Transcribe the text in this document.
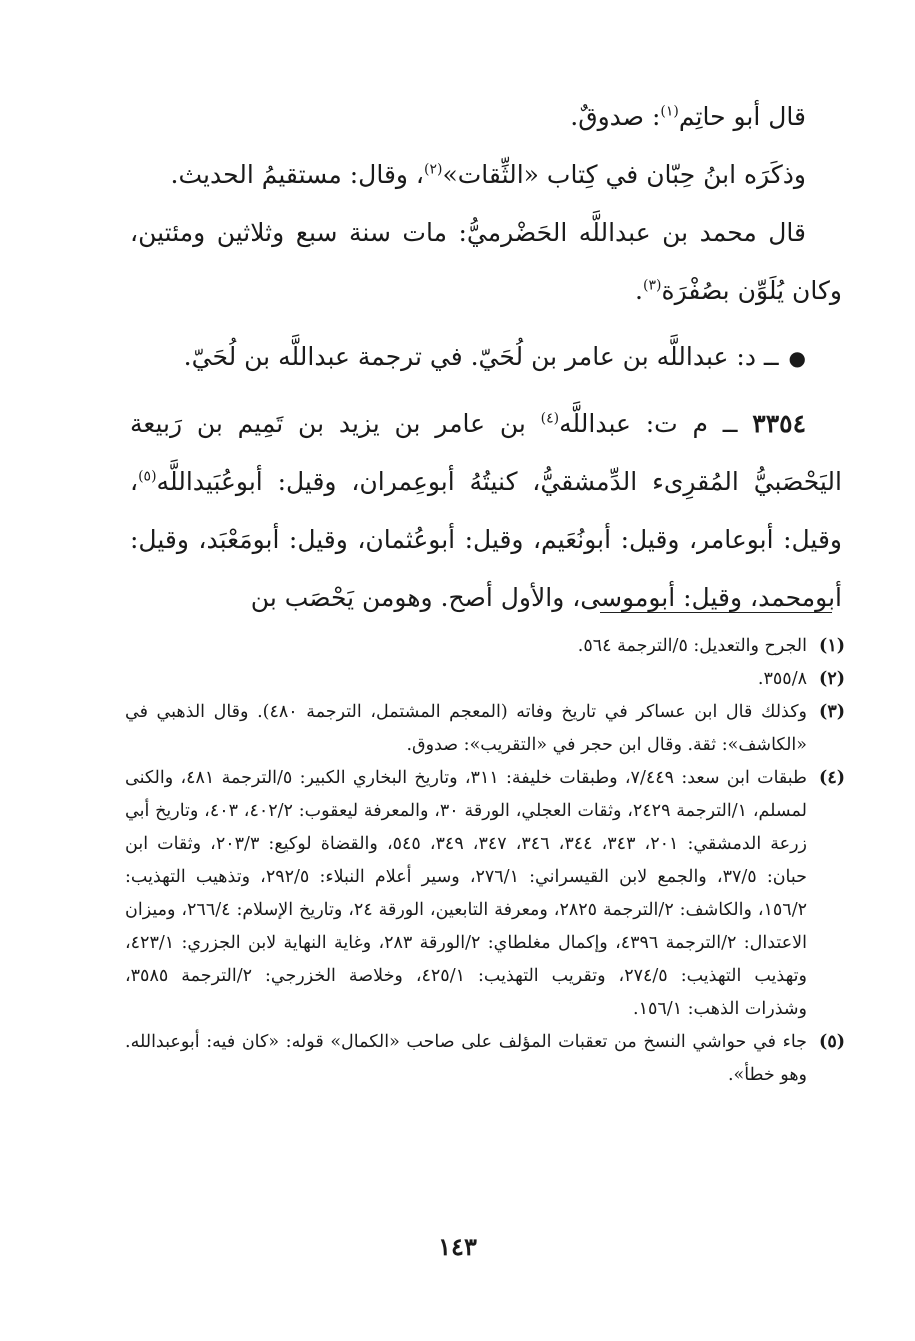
قال أبو حاتِم$^{(١)}$: صدوقٌ.

وذكَرَه ابنُ حِبّان في كِتاب «الثِّقات»$^{(٢)}$، وقال: مستقيمُ الحديث.

قال محمد بن عبداللَّه الحَضْرميُّ: مات سنة سبع وثلاثين ومئتين، وكان يُلَوِّن بصُفْرَة$^{(٣)}$.

●ــ د: عبداللَّه بن عامر بن لُحَيّ. في ترجمة عبداللَّه بن لُحَيّ.

٣٣٥٤ ــ م ت: عبداللَّه$^{(٤)}$ بن عامر بن يزيد بن تَمِيم بن رَبيعة اليَحْصَبيُّ المُقرِىء الدِّمشقيُّ، كنيتُهُ أبوعِمران، وقيل: أبوعُبَيداللَّه$^{(٥)}$، وقيل: أبوعامر، وقيل: أبونُعَيم، وقيل: أبوعُثمان، وقيل: أبومَعْبَد، وقيل: أبومحمد، وقيل: أبوموسى، والأول أصح. وهومن يَحْصَب بن

(١)
الجرح والتعديل: ٥/الترجمة ٥٦٤.
(٢)
٣٥٥/٨.
(٣)
وكذلك قال ابن عساكر في تاريخ وفاته (المعجم المشتمل، الترجمة ٤٨٠). وقال الذهبي في «الكاشف»: ثقة. وقال ابن حجر في «التقريب»: صدوق.
(٤)
طبقات ابن سعد: ٧/٤٤٩، وطبقات خليفة: ٣١١، وتاريخ البخاري الكبير: ٥/الترجمة ٤٨١، والكنى لمسلم، ١/الترجمة ٢٤٢٩، وثقات العجلي، الورقة ٣٠، والمعرفة ليعقوب: ٤٠٢/٢، ٤٠٣، وتاريخ أبي زرعة الدمشقي: ٢٠١، ٣٤٣، ٣٤٤، ٣٤٦، ٣٤٧، ٣٤٩، ٥٤٥، والقضاة لوكيع: ٢٠٣/٣، وثقات ابن حبان: ٣٧/٥، والجمع لابن القيسراني: ٢٧٦/١، وسير أعلام النبلاء: ٢٩٢/٥، وتذهيب التهذيب: ١٥٦/٢، والكاشف: ٢/الترجمة ٢٨٢٥، ومعرفة التابعين، الورقة ٢٤، وتاريخ الإسلام: ٢٦٦/٤، وميزان الاعتدال: ٢/الترجمة ٤٣٩٦، وإكمال مغلطاي: ٢/الورقة ٢٨٣، وغاية النهاية لابن الجزري: ٤٢٣/١، وتهذيب التهذيب: ٢٧٤/٥، وتقريب التهذيب: ٤٢٥/١، وخلاصة الخزرجي: ٢/الترجمة ٣٥٨٥، وشذرات الذهب: ١٥٦/١.
(٥)
جاء في حواشي النسخ من تعقبات المؤلف على صاحب «الكمال» قوله: «كان فيه: أبوعبدالله. وهو خطأ».
١٤٣
